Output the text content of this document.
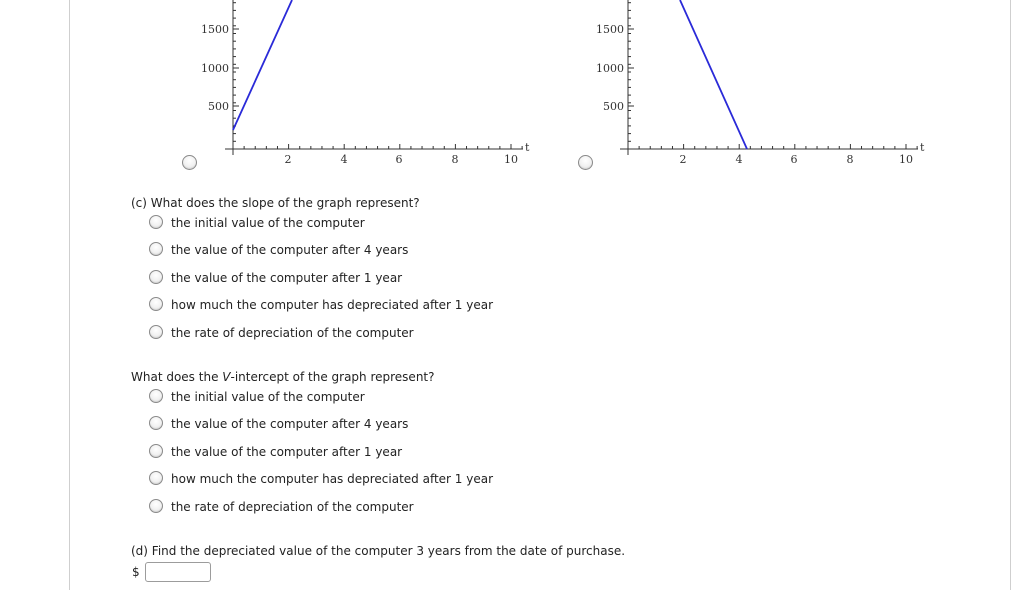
1500
1000
500
2	4	6	8	10
t
1500
1000
500
2	4	6	8	10
t
(c) What does the slope of the graph represent?
the initial value of the computer
the value of the computer after 4 years
the value of the computer after 1 year
how much the computer has depreciated after 1 year
the rate of depreciation of the computer
What does the V-intercept of the graph represent?
the initial value of the computer
the value of the computer after 4 years
the value of the computer after 1 year
how much the computer has depreciated after 1 year
the rate of depreciation of the computer
(d) Find the depreciated value of the computer 3 years from the date of purchase.
$
